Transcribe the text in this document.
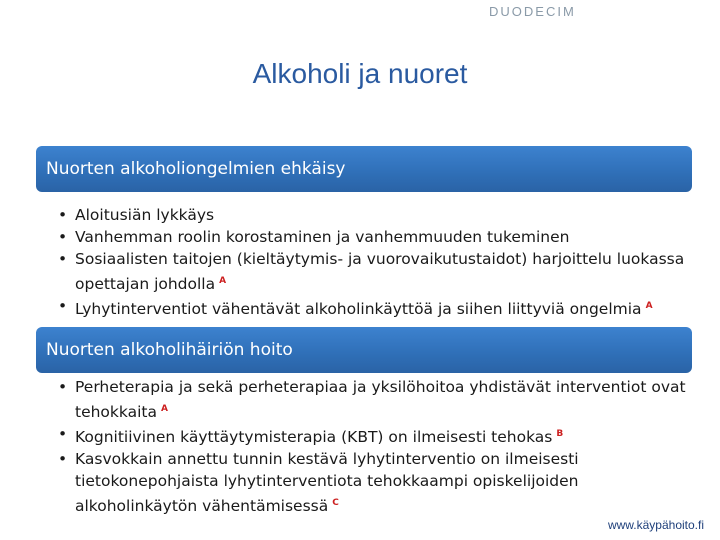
DUODECIM
Alkoholi ja nuoret
Nuorten alkoholiongelmien ehkäisy
• Aloitusiän lykkäys
• Vanhemman roolin korostaminen ja vanhemmuuden tukeminen
• Sosiaalisten taitojen (kieltäytymis- ja vuorovaikutustaidot) harjoittelu luokassa opettajan johdolla $^A$
• Lyhytinterventiot vähentävät alkoholinkäyttöä ja siihen liittyviä ongelmia $^A$
Nuorten alkoholihäiriön hoito
• Perheterapia ja sekä perheterapiaa ja yksilöhoitoa yhdistävät interventiot ovat tehokkaita $^A$
• Kognitiivinen käyttäytymisterapia (KBT) on ilmeisesti tehokas $^B$
• Kasvokkain annettu tunnin kestävä lyhytinterventio on ilmeisesti tietokonepohjaista lyhytinterventiota tehokkaampi opiskelijoiden alkoholinkäytön vähentämisessä $^C$
www.käypähoito.fi
